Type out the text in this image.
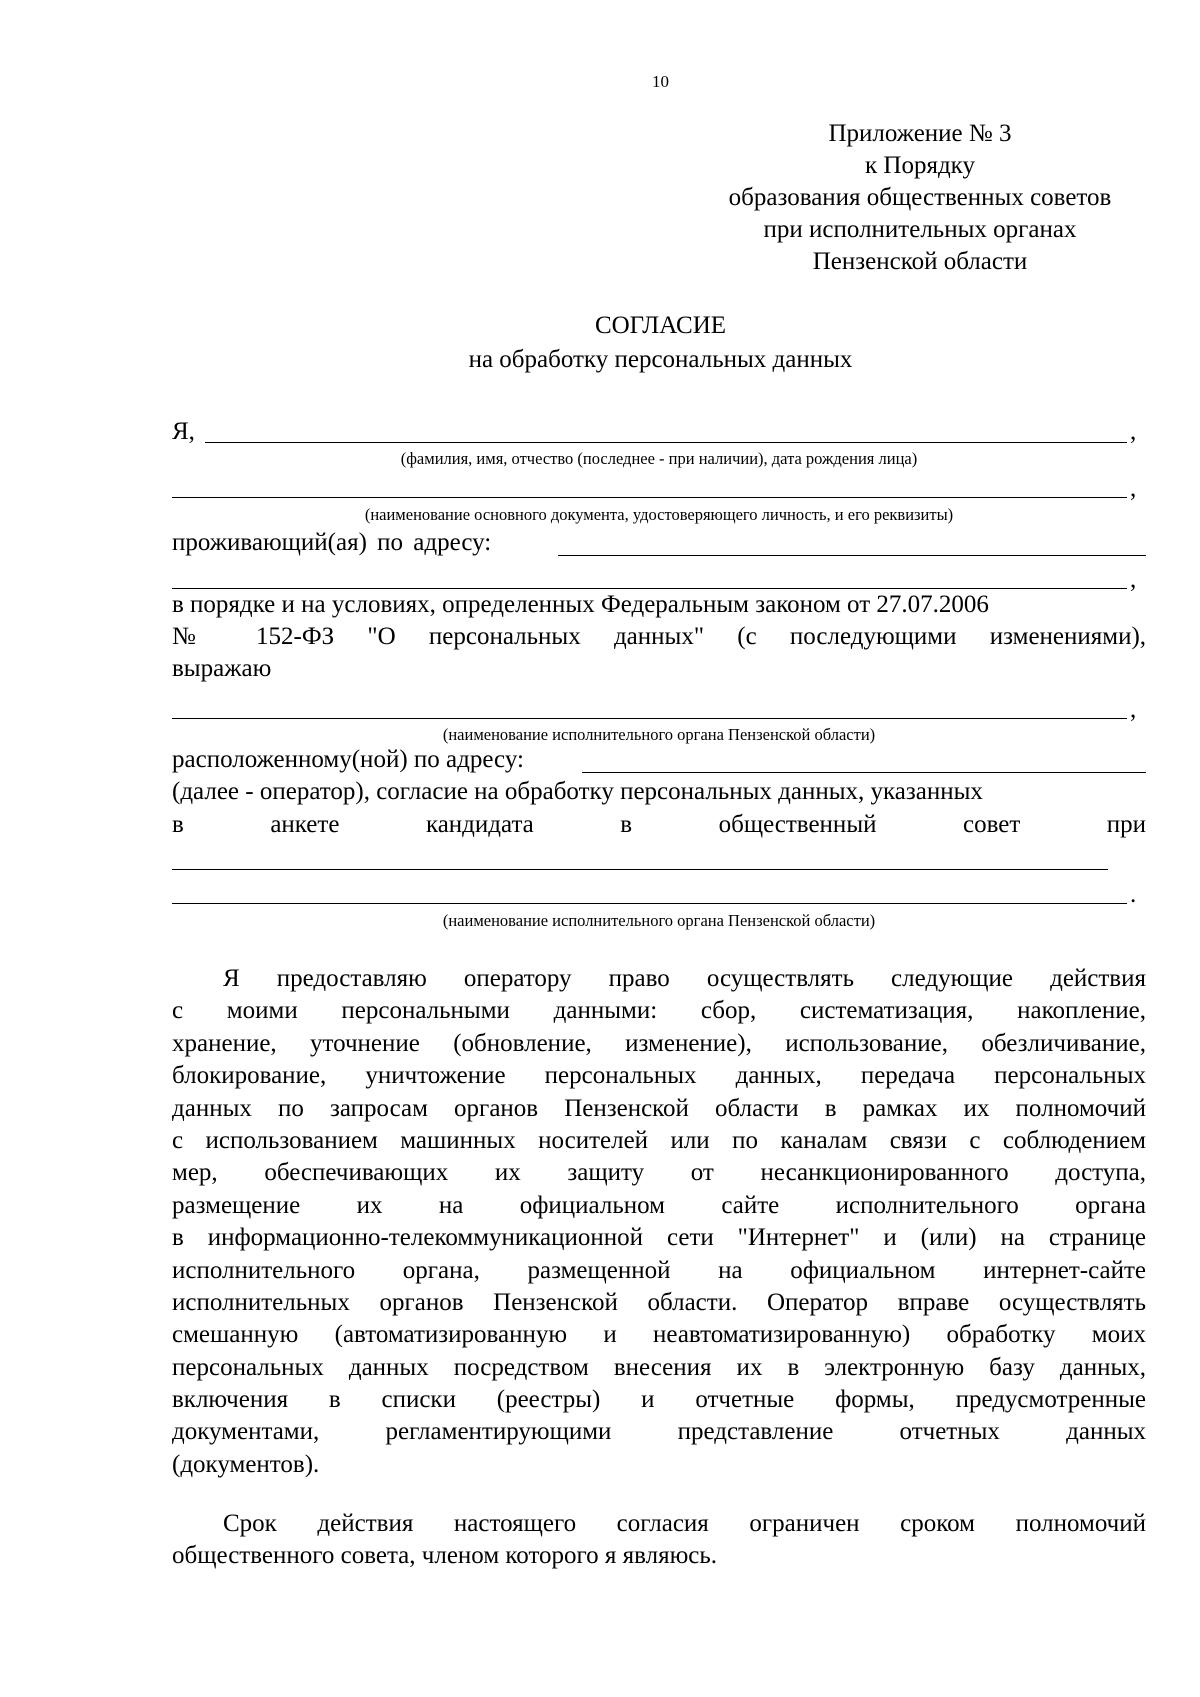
10
Приложение № 3
к Порядку
образования общественных советов
при исполнительных органах
Пензенской области
СОГЛАСИЕ
на обработку персональных данных
Я,	,
(фамилия, имя, отчество (последнее - при наличии), дата рождения лица)
,
(наименование основного документа, удостоверяющего личность, и его реквизиты)
проживающий(ая) по адресу:
,
в порядке и на условиях, определенных Федеральным законом от 27.07.2006
№ 152-ФЗ "О персональных данных" (с последующими изменениями),
выражаю
,
(наименование исполнительного органа Пензенской области)
расположенному(ной) по адресу:
(далее - оператор), согласие на обработку персональных данных, указанных
в	анкете	кандидата	в	общественный	совет	при
.
(наименование исполнительного органа Пензенской области)
Я предоставляю оператору право осуществлять следующие действия
с моими персональными данными: сбор, систематизация, накопление,
хранение, уточнение (обновление, изменение), использование, обезличивание,
блокирование, уничтожение персональных данных, передача персональных
данных по запросам органов Пензенской области в рамках их полномочий
с использованием машинных носителей или по каналам связи с соблюдением
мер, обеспечивающих их защиту от несанкционированного доступа,
размещение их на официальном сайте исполнительного органа
в информационно-телекоммуникационной сети "Интернет" и (или) на странице
исполнительного органа, размещенной на официальном интернет-сайте
исполнительных органов Пензенской области. Оператор вправе осуществлять
смешанную (автоматизированную и неавтоматизированную) обработку моих
персональных данных посредством внесения их в электронную базу данных,
включения в списки (реестры) и отчетные формы, предусмотренные
документами, регламентирующими представление отчетных данных
(документов).
Срок действия настоящего согласия ограничен сроком полномочий
общественного совета, членом которого я являюсь.
